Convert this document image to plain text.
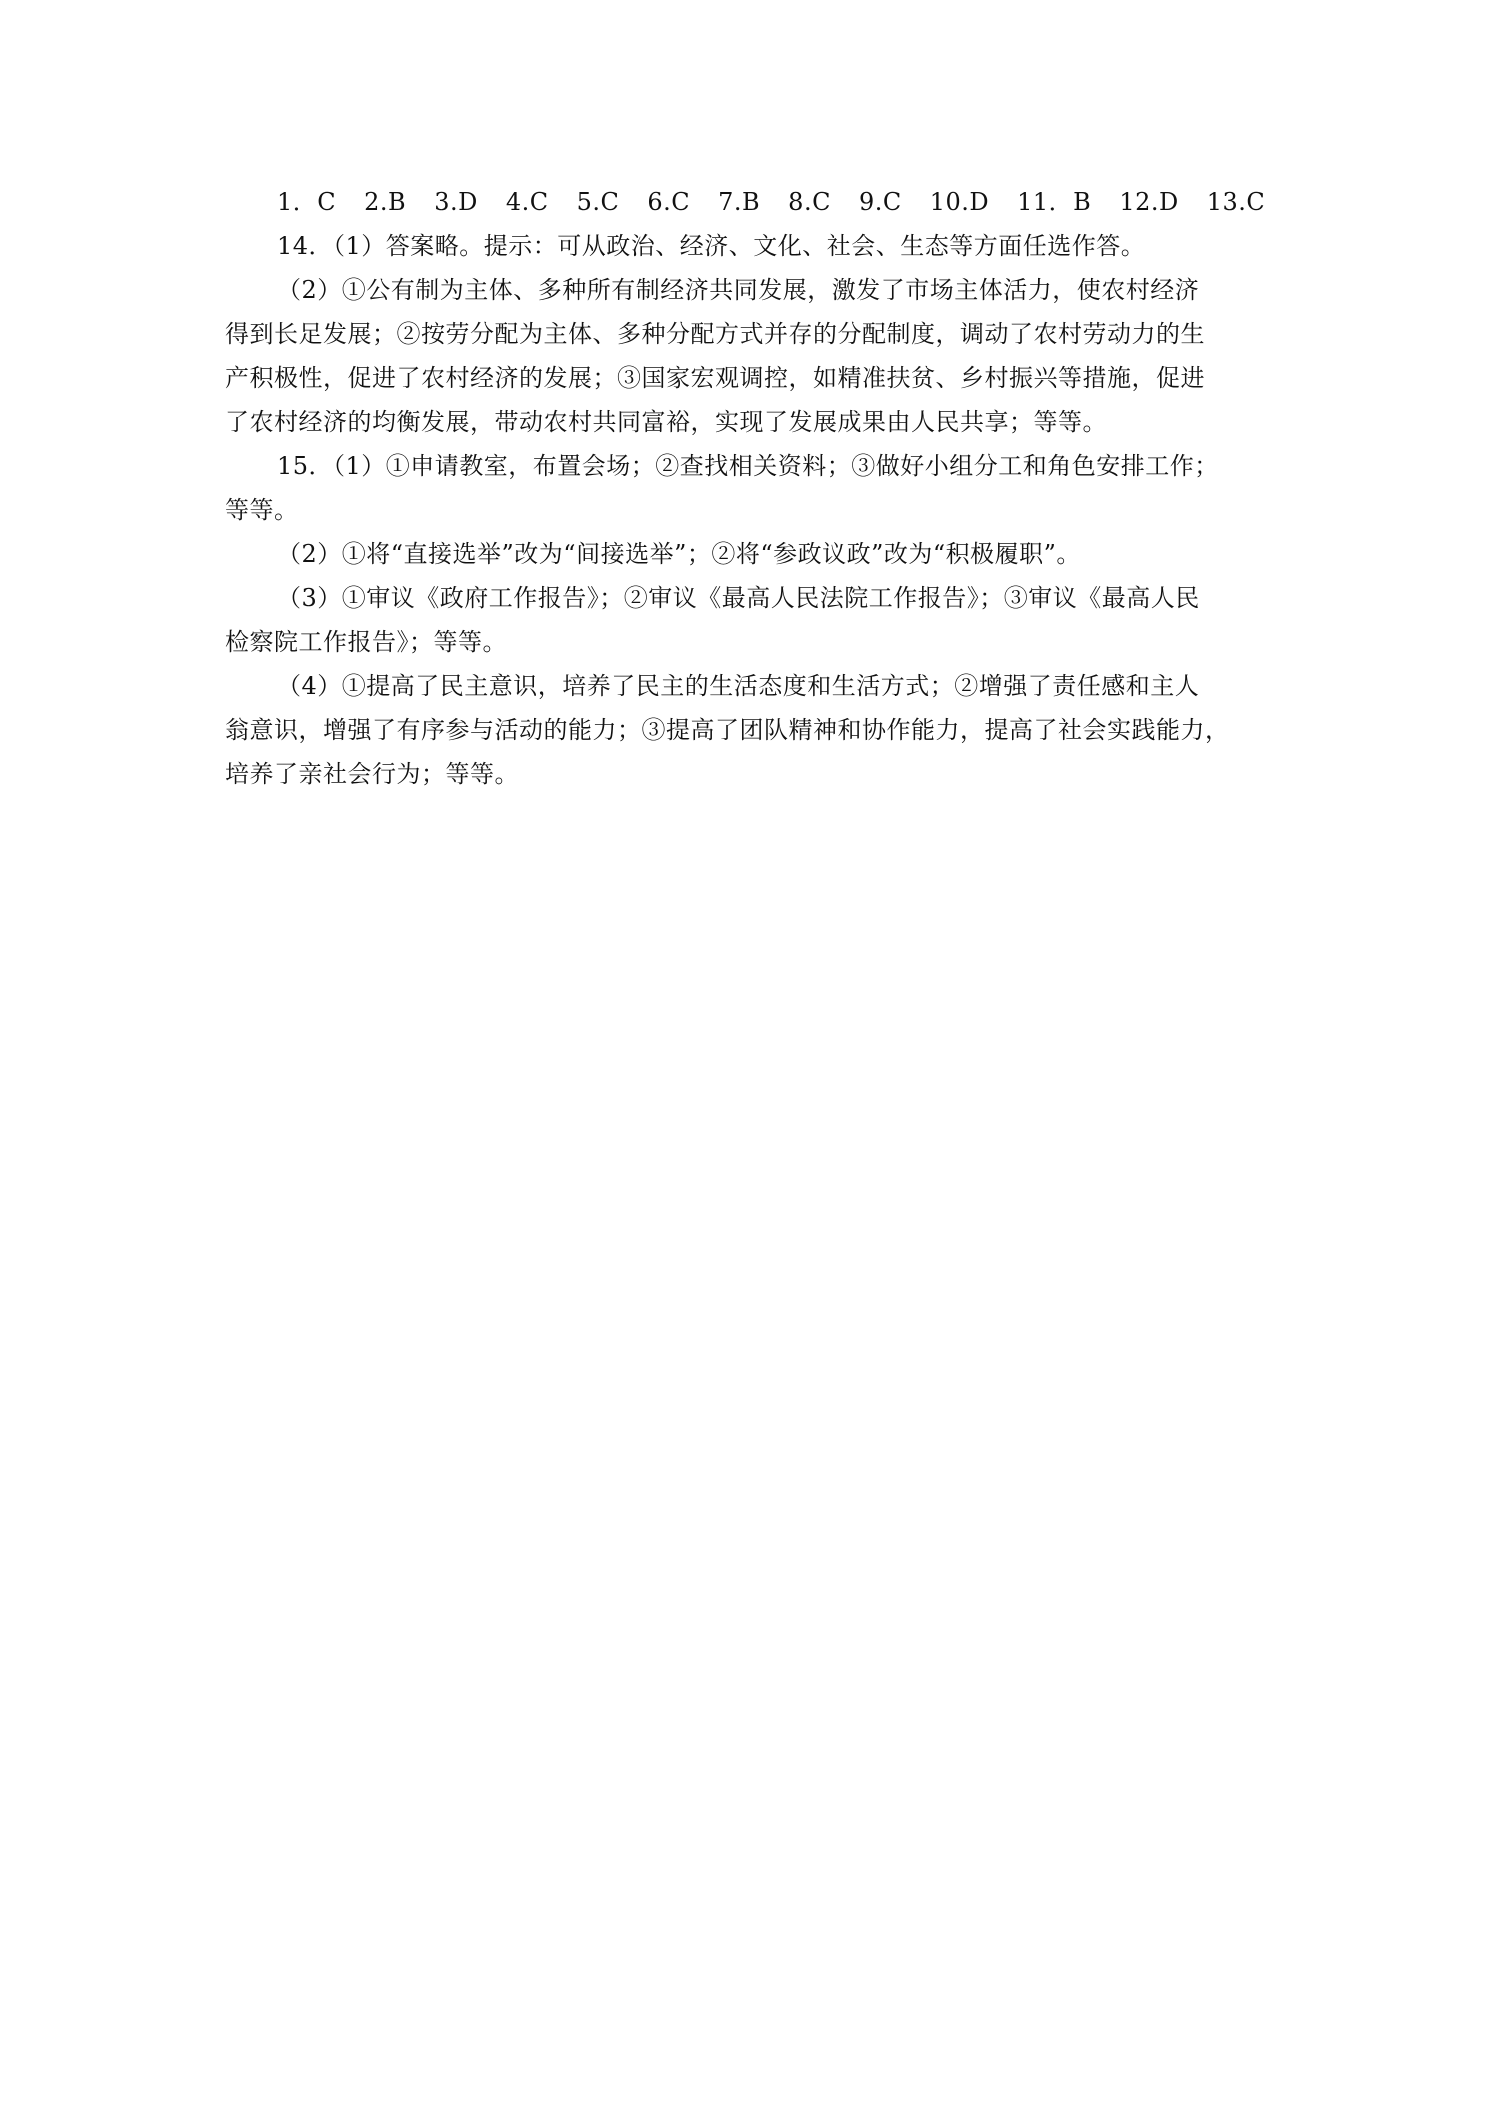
1．C 2.B 3.D 4.C 5.C 6.C 7.B 8.C 9.C 10.D 11．B 12.D 13.C

14．（1）答案略。提示：可从政治、经济、文化、社会、生态等方面任选作答。

（2）①公有制为主体、多种所有制经济共同发展，激发了市场主体活力，使农村经济

得到长足发展；②按劳分配为主体、多种分配方式并存的分配制度，调动了农村劳动力的生

产积极性，促进了农村经济的发展；③国家宏观调控，如精准扶贫、乡村振兴等措施，促进

了农村经济的均衡发展，带动农村共同富裕，实现了发展成果由人民共享；等等。

15．（1）①申请教室，布置会场；②查找相关资料；③做好小组分工和角色安排工作；

等等。

（2）①将“直接选举”改为“间接选举”；②将“参政议政”改为“积极履职”。

（3）①审议《政府工作报告》；②审议《最高人民法院工作报告》；③审议《最高人民

检察院工作报告》；等等。

（4）①提高了民主意识，培养了民主的生活态度和生活方式；②增强了责任感和主人

翁意识，增强了有序参与活动的能力；③提高了团队精神和协作能力，提高了社会实践能力，

培养了亲社会行为；等等。
